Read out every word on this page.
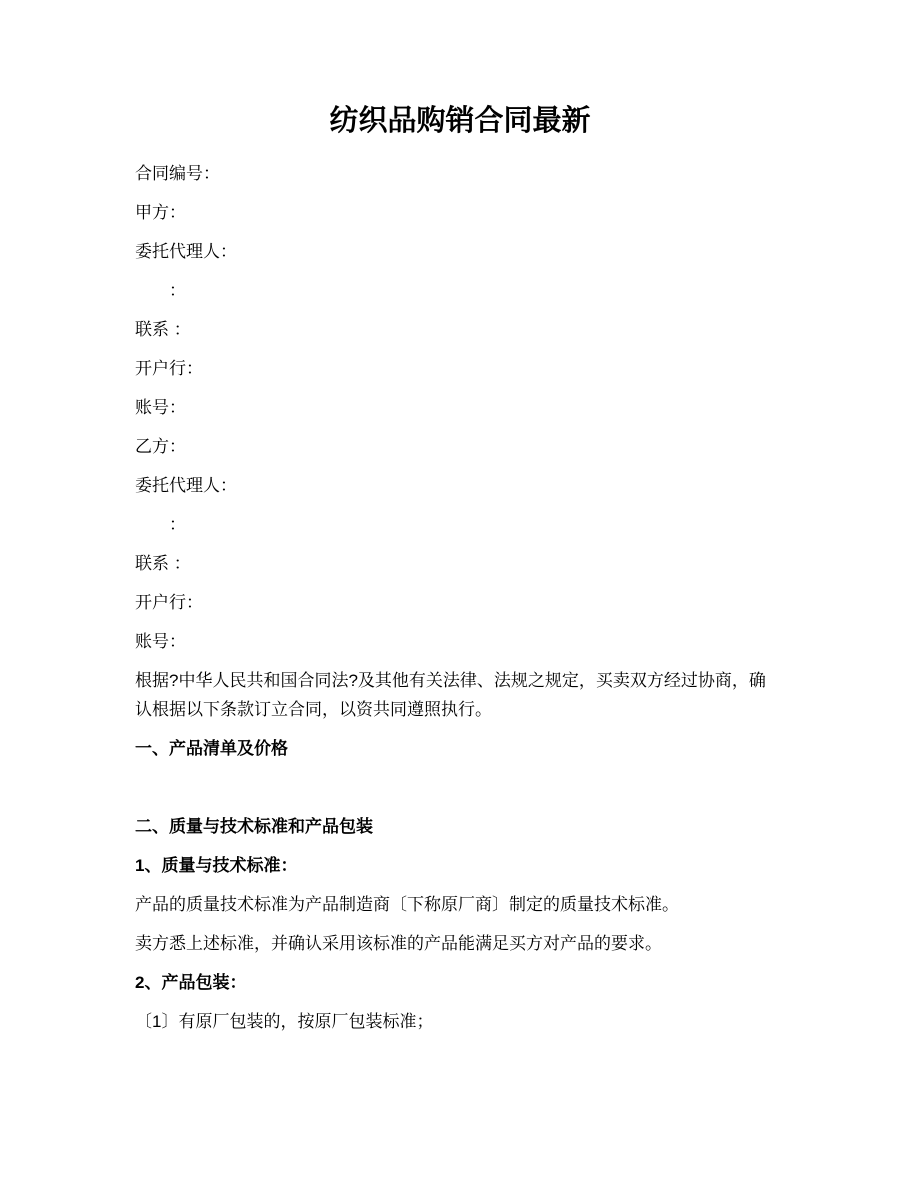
纺织品购销合同最新

合同编号：

甲方：

委托代理人：

　　：

联系 ：

开户行：

账号：

乙方：

委托代理人：

　　：

联系 ：

开户行：

账号：

根据?中华人民共和国合同法?及其他有关法律、法规之规定，买卖双方经过协商，确认根据以下条款订立合同，以资共同遵照执行。

一、产品清单及价格

二、质量与技术标准和产品包装

1、质量与技术标准：

产品的质量技术标准为产品制造商〔下称原厂商〕制定的质量技术标准。

卖方悉上述标准，并确认采用该标准的产品能满足买方对产品的要求。

2、产品包装：

〔1〕有原厂包装的，按原厂包装标准；
